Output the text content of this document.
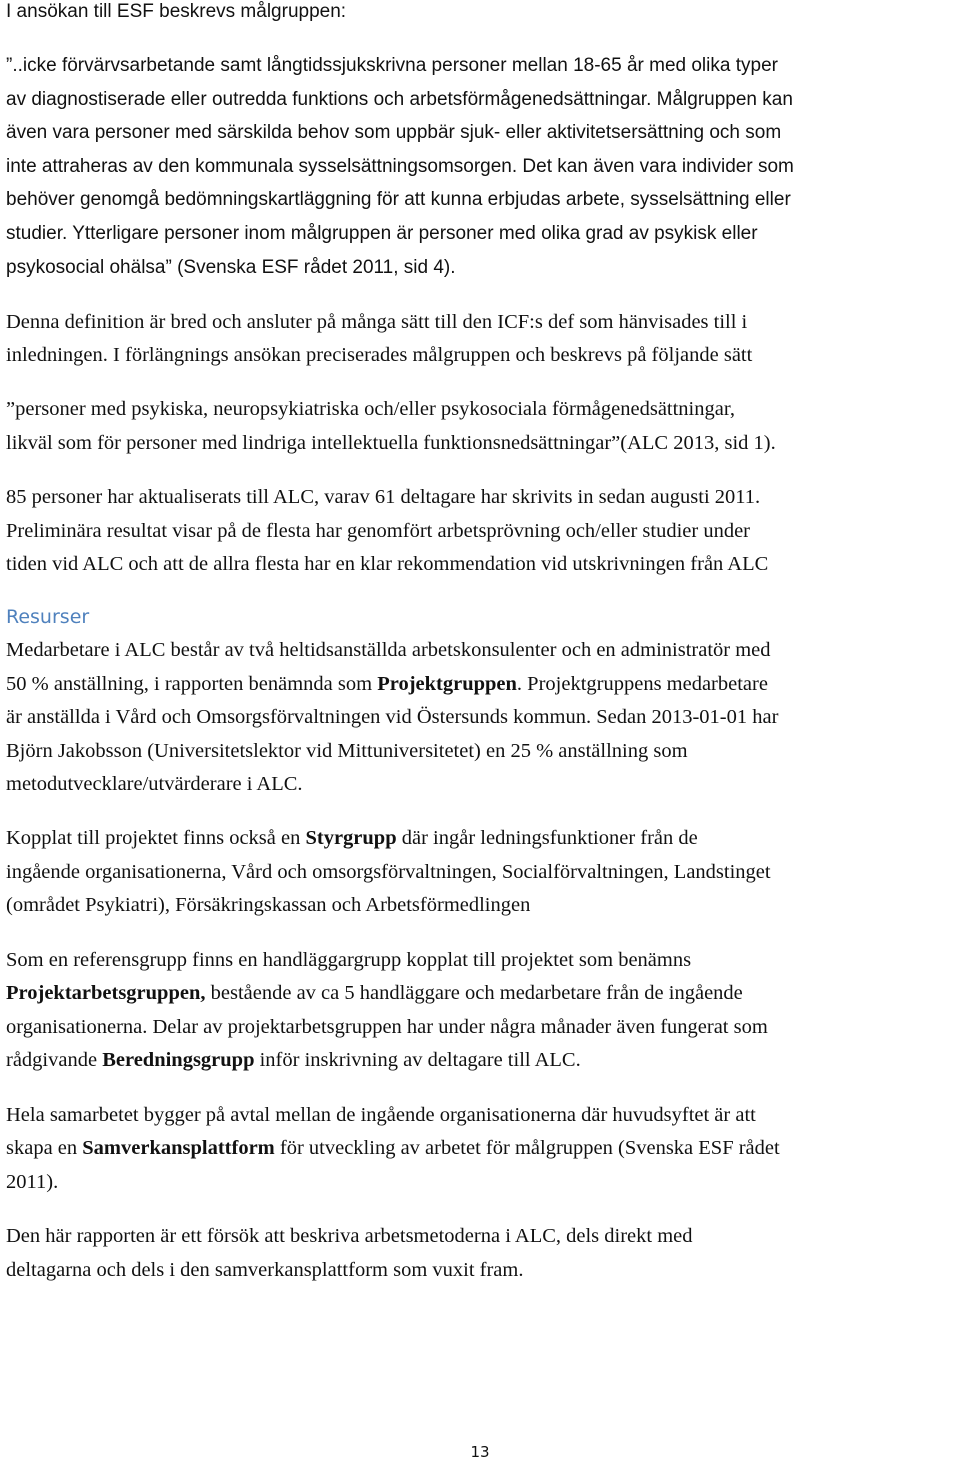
I ansökan till ESF beskrevs målgruppen:
”..icke förvärvsarbetande samt långtidssjukskrivna personer mellan 18-65 år med olika typer
av diagnostiserade eller outredda funktions och arbetsförmågenedsättningar. Målgruppen kan
även vara personer med särskilda behov som uppbär sjuk- eller aktivitetsersättning och som
inte attraheras av den kommunala sysselsättningsomsorgen. Det kan även vara individer som
behöver genomgå bedömningskartläggning för att kunna erbjudas arbete, sysselsättning eller
studier. Ytterligare personer inom målgruppen är personer med olika grad av psykisk eller
psykosocial ohälsa” (Svenska ESF rådet 2011, sid 4).
Denna definition är bred och ansluter på många sätt till den ICF:s def som hänvisades till i
inledningen. I förlängnings ansökan preciserades målgruppen och beskrevs på följande sätt
”personer med psykiska, neuropsykiatriska och/eller psykosociala förmågenedsättningar,
likväl som för personer med lindriga intellektuella funktionsnedsättningar”(ALC 2013, sid 1).
85 personer har aktualiserats till ALC, varav 61 deltagare har skrivits in sedan augusti 2011.
Preliminära resultat visar på de flesta har genomfört arbetsprövning och/eller studier under
tiden vid ALC och att de allra flesta har en klar rekommendation vid utskrivningen från ALC
Resurser
Medarbetare i ALC består av två heltidsanställda arbetskonsulenter och en administratör med
50 % anställning, i rapporten benämnda som Projektgruppen. Projektgruppens medarbetare
är anställda i Vård och Omsorgsförvaltningen vid Östersunds kommun. Sedan 2013-01-01 har
Björn Jakobsson (Universitetslektor vid Mittuniversitetet) en 25 % anställning som
metodutvecklare/utvärderare i ALC.
Kopplat till projektet finns också en Styrgrupp där ingår ledningsfunktioner från de
ingående organisationerna, Vård och omsorgsförvaltningen, Socialförvaltningen, Landstinget
(området Psykiatri), Försäkringskassan och Arbetsförmedlingen
Som en referensgrupp finns en handläggargrupp kopplat till projektet som benämns
Projektarbetsgruppen, bestående av ca 5 handläggare och medarbetare från de ingående
organisationerna. Delar av projektarbetsgruppen har under några månader även fungerat som
rådgivande Beredningsgrupp inför inskrivning av deltagare till ALC.
Hela samarbetet bygger på avtal mellan de ingående organisationerna där huvudsyftet är att
skapa en Samverkansplattform för utveckling av arbetet för målgruppen (Svenska ESF rådet
2011).
Den här rapporten är ett försök att beskriva arbetsmetoderna i ALC, dels direkt med
deltagarna och dels i den samverkansplattform som vuxit fram.
13
